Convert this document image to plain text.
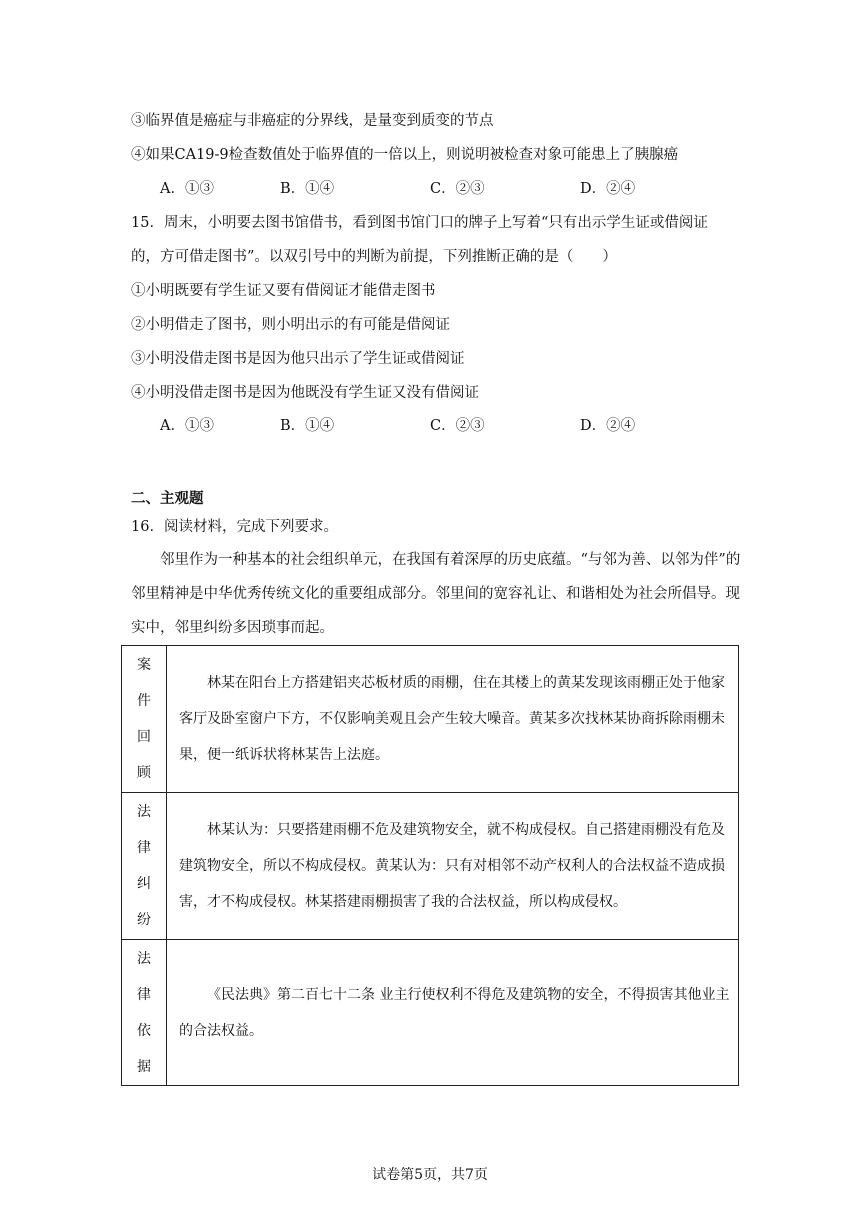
③临界值是癌症与非癌症的分界线，是量变到质变的节点
④如果CA19-9检查数值处于临界值的一倍以上，则说明被检查对象可能患上了胰腺癌
A．①③	B．①④	C．②③	D．②④
15．周末，小明要去图书馆借书，看到图书馆门口的牌子上写着“只有出示学生证或借阅证
的，方可借走图书”。以双引号中的判断为前提，下列推断正确的是（　　）
①小明既要有学生证又要有借阅证才能借走图书
②小明借走了图书，则小明出示的有可能是借阅证
③小明没借走图书是因为他只出示了学生证或借阅证
④小明没借走图书是因为他既没有学生证又没有借阅证
A．①③	B．①④	C．②③	D．②④
二、主观题
16．阅读材料，完成下列要求。
邻里作为一种基本的社会组织单元，在我国有着深厚的历史底蕴。“与邻为善、以邻为伴”的邻里精神是中华优秀传统文化的重要组成部分。邻里间的宽容礼让、和谐相处为社会所倡导。现实中，邻里纠纷多因琐事而起。
案
件
回
顾	林某在阳台上方搭建铝夹芯板材质的雨棚，住在其楼上的黄某发现该雨棚正处于他家客厅及卧室窗户下方，不仅影响美观且会产生较大噪音。黄某多次找林某协商拆除雨棚未果，便一纸诉状将林某告上法庭。

法
律
纠
纷	林某认为：只要搭建雨棚不危及建筑物安全，就不构成侵权。自己搭建雨棚没有危及建筑物安全，所以不构成侵权。黄某认为：只有对相邻不动产权利人的合法权益不造成损害，才不构成侵权。林某搭建雨棚损害了我的合法权益，所以构成侵权。

法
律
依
据	《民法典》第二百七十二条 业主行使权利不得危及建筑物的安全，不得损害其他业主的合法权益。
试卷第5页，共7页
